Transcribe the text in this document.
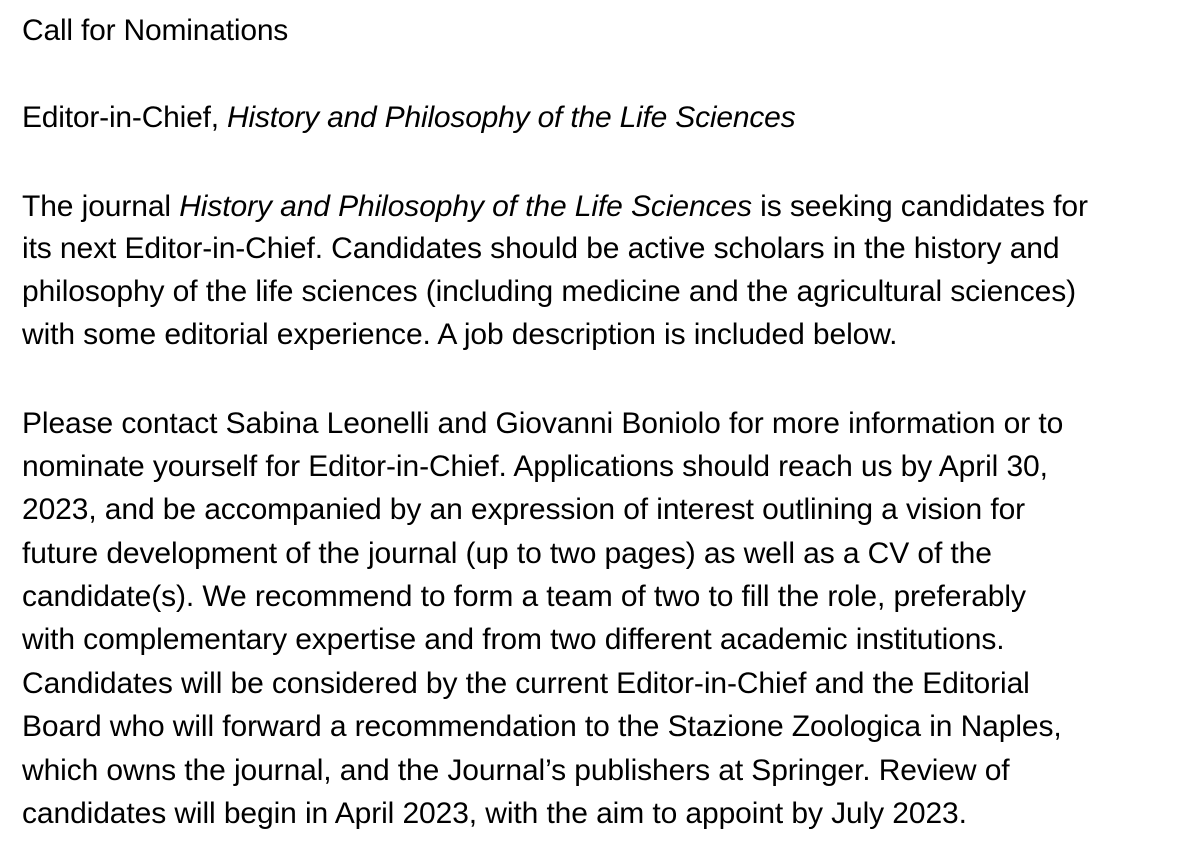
Call for Nominations
Editor-in-Chief, History and Philosophy of the Life Sciences
The journal History and Philosophy of the Life Sciences is seeking candidates for
its next Editor-in-Chief. Candidates should be active scholars in the history and
philosophy of the life sciences (including medicine and the agricultural sciences)
with some editorial experience. A job description is included below.
Please contact Sabina Leonelli and Giovanni Boniolo for more information or to
nominate yourself for Editor-in-Chief. Applications should reach us by April 30,
2023, and be accompanied by an expression of interest outlining a vision for
future development of the journal (up to two pages) as well as a CV of the
candidate(s). We recommend to form a team of two to fill the role, preferably
with complementary expertise and from two different academic institutions.
Candidates will be considered by the current Editor-in-Chief and the Editorial
Board who will forward a recommendation to the Stazione Zoologica in Naples,
which owns the journal, and the Journal’s publishers at Springer. Review of
candidates will begin in April 2023, with the aim to appoint by July 2023.
